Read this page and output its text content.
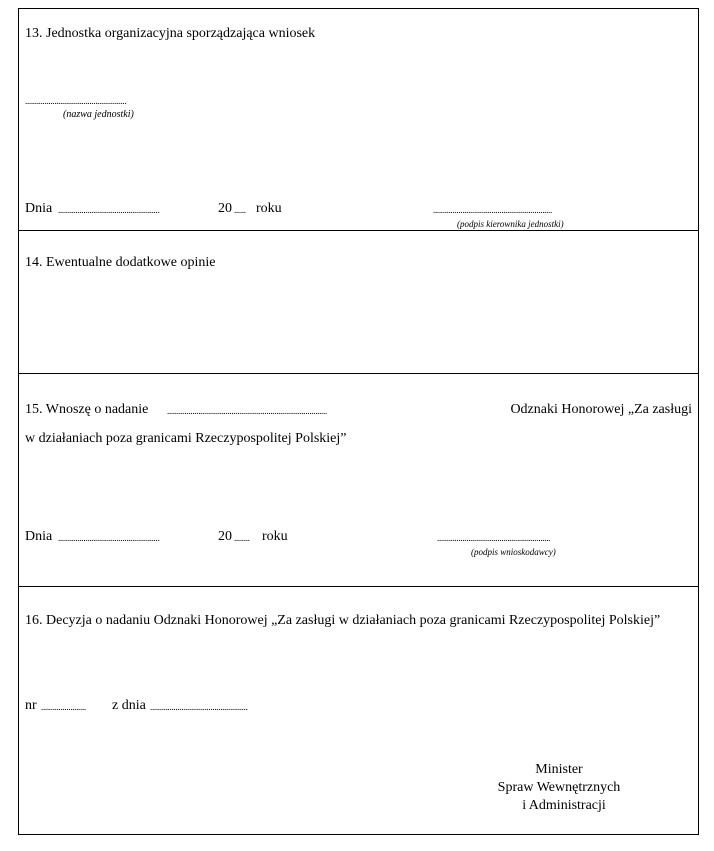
13. Jednostka organizacyjna sporządzająca wniosek
....................................................
(nazwa jednostki)
Dnia ....................................................	20 ...... roku	.............................................................
(podpis kierownika jednostki)
14. Ewentualne dodatkowe opinie
15. Wnoszę o nadanie ..................................................................................	Odznaki Honorowej „Za zasługi
w działaniach poza granicami Rzeczypospolitej Polskiej”
Dnia ....................................................	20 ........ roku	..........................................................
(podpis wnioskodawcy)
16. Decyzja o nadaniu Odznaki Honorowej „Za zasługi w działaniach poza granicami Rzeczypospolitej Polskiej”
nr .......................	z dnia ..................................................
Minister
Spraw Wewnętrznych
i Administracji
